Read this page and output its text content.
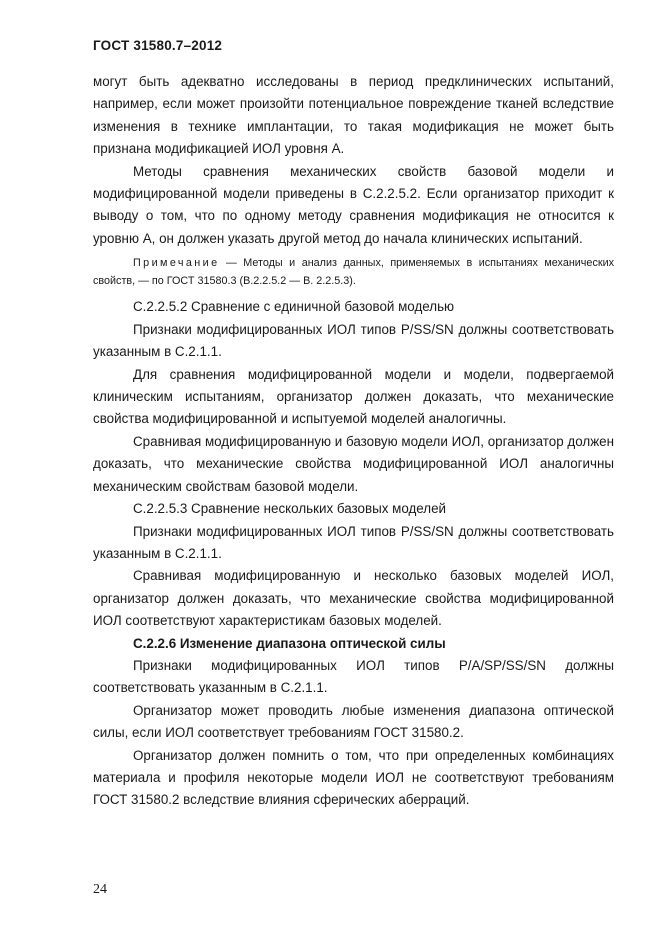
ГОСТ 31580.7–2012

могут быть адекватно исследованы в период предклинических испытаний, например, если может произойти потенциальное повреждение тканей вследствие изменения в технике имплантации, то такая модификация не может быть признана модификацией ИОЛ уровня А.

Методы сравнения механических свойств базовой модели и модифицированной модели приведены в С.2.2.5.2. Если организатор приходит к выводу о том, что по одному методу сравнения модификация не относится к уровню А, он должен указать другой метод до начала клинических испытаний.

Примечание — Методы и анализ данных, применяемых в испытаниях механических свойств, — по ГОСТ 31580.3 (В.2.2.5.2 — В. 2.2.5.3).

С.2.2.5.2 Сравнение с единичной базовой моделью

Признаки модифицированных ИОЛ типов P/SS/SN должны соответствовать указанным в С.2.1.1.

Для сравнения модифицированной модели и модели, подвергаемой клиническим испытаниям, организатор должен доказать, что механические свойства модифицированной и испытуемой моделей аналогичны.

Сравнивая модифицированную и базовую модели ИОЛ, организатор должен доказать, что механические свойства модифицированной ИОЛ аналогичны механическим свойствам базовой модели.

С.2.2.5.3 Сравнение нескольких базовых моделей

Признаки модифицированных ИОЛ типов P/SS/SN должны соответствовать указанным в С.2.1.1.

Сравнивая модифицированную и несколько базовых моделей ИОЛ, организатор должен доказать, что механические свойства модифицированной ИОЛ соответствуют характеристикам базовых моделей.

С.2.2.6 Изменение диапазона оптической силы

Признаки модифицированных ИОЛ типов P/A/SP/SS/SN должны соответствовать указанным в С.2.1.1.

Организатор может проводить любые изменения диапазона оптической силы, если ИОЛ соответствует требованиям ГОСТ 31580.2.

Организатор должен помнить о том, что при определенных комбинациях материала и профиля некоторые модели ИОЛ не соответствуют требованиям ГОСТ 31580.2 вследствие влияния сферических аберраций.

24
